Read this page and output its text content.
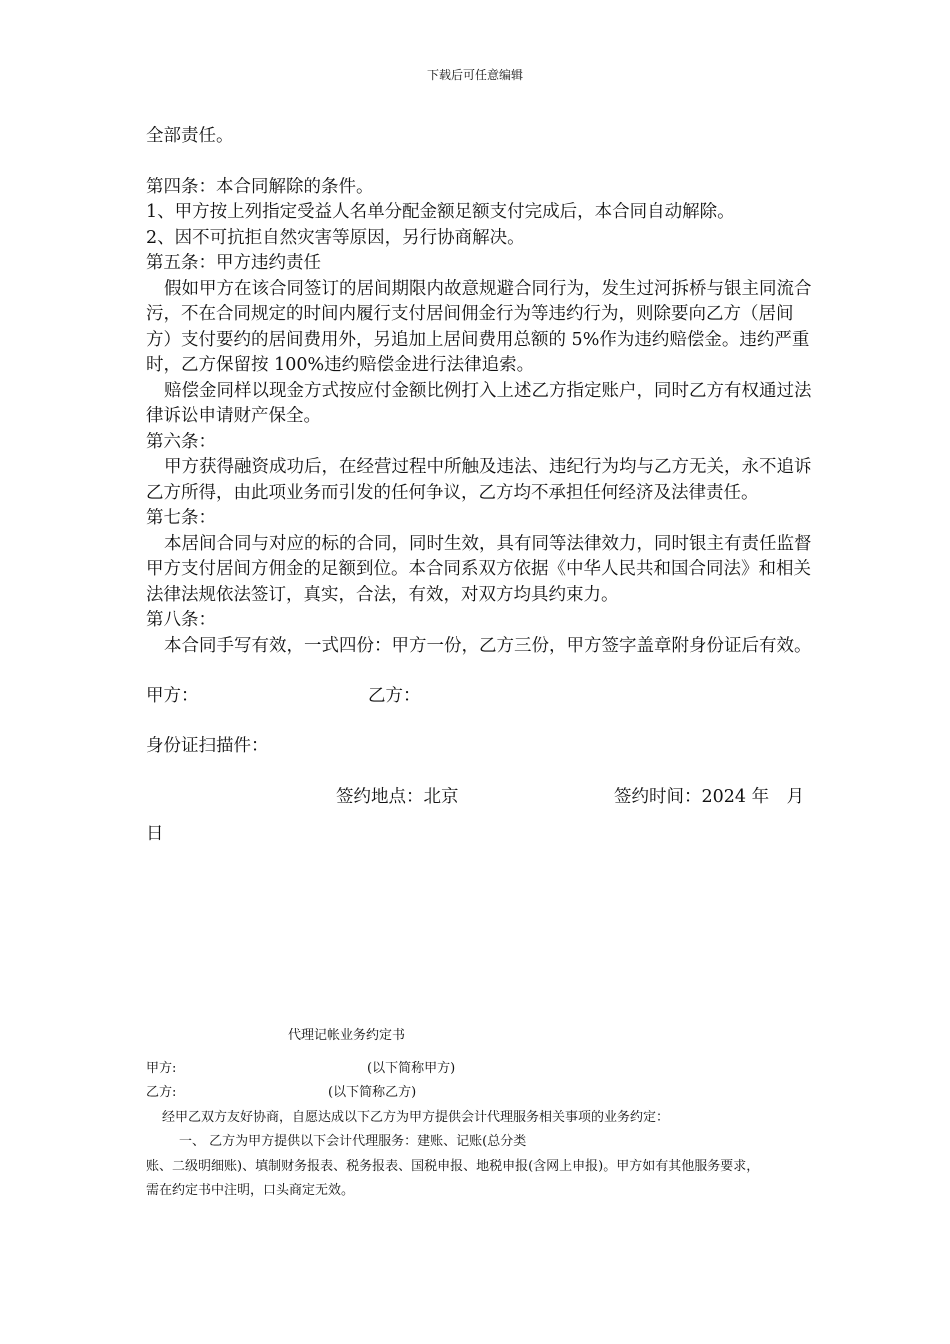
下载后可任意编辑

全部责任。

第四条：本合同解除的条件。

1、甲方按上列指定受益人名单分配金额足额支付完成后，本合同自动解除。

2、因不可抗拒自然灾害等原因，另行协商解决。

第五条：甲方违约责任

假如甲方在该合同签订的居间期限内故意规避合同行为，发生过河拆桥与银主同流合污，不在合同规定的时间内履行支付居间佣金行为等违约行为，则除要向乙方（居间方）支付要约的居间费用外，另追加上居间费用总额的 5%作为违约赔偿金。违约严重时，乙方保留按 100%违约赔偿金进行法律追索。

赔偿金同样以现金方式按应付金额比例打入上述乙方指定账户，同时乙方有权通过法律诉讼申请财产保全。

第六条：

甲方获得融资成功后，在经营过程中所触及违法、违纪行为均与乙方无关，永不追诉乙方所得，由此项业务而引发的任何争议，乙方均不承担任何经济及法律责任。

第七条：

本居间合同与对应的标的合同，同时生效，具有同等法律效力，同时银主有责任监督甲方支付居间方佣金的足额到位。本合同系双方依据《中华人民共和国合同法》和相关法律法规依法签订，真实，合法，有效，对双方均具约束力。

第八条：

本合同手写有效，一式四份：甲方一份，乙方三份，甲方签字盖章附身份证后有效。

甲方：	乙方：

身份证扫描件：

签约地点：北京	签约时间：2024 年　月

日

代理记帐业务约定书

甲方:	(以下简称甲方)
乙方:	(以下简称乙方)

经甲乙双方友好协商，自愿达成以下乙方为甲方提供会计代理服务相关事项的业务约定：

一、 乙方为甲方提供以下会计代理服务：建账、记账(总分类

账、二级明细账)、填制财务报表、税务报表、国税申报、地税申报(含网上申报)。甲方如有其他服务要求，

需在约定书中注明，口头商定无效。
